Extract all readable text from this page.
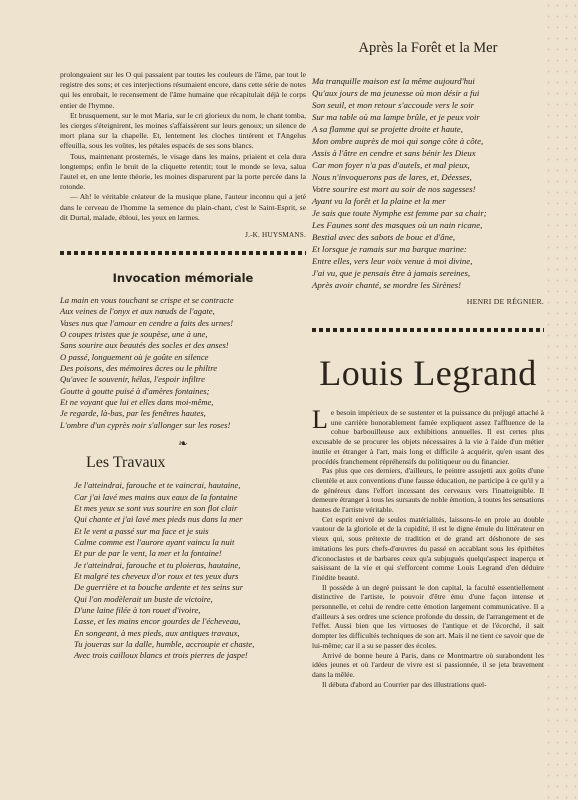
prolongeaient sur les O qui passaient par toutes les couleurs de l'âme, par tout le registre des sons; et ces interjections résumaient encore, dans cette série de notes qui les enrobait, le recensement de l'âme humaine que récapitulait déjà le corps entier de l'hymne.

Et brusquement, sur le mot Maria, sur le cri glorieux du nom, le chant tomba, les cierges s'éteignirent, les moines s'affaissèrent sur leurs genoux; un silence de mort plana sur la chapelle. Et, lentement les cloches tintèrent et l'Angelus effeuilla, sous les voûtes, les pétales espacés de ses sons blancs.

Tous, maintenant prosternés, le visage dans les mains, priaient et cela dura longtemps; enfin le bruit de la cliquette retentit; tout le monde se leva, salua l'autel et, en une lente théorie, les moines disparurent par la porte percée dans la rotonde.

— Ah! le véritable créateur de la musique plane, l'auteur inconnu qui a jeté dans le cerveau de l'homme la semence du plain-chant, c'est le Saint-Esprit, se dit Durtal, malade, ébloui, les yeux en larmes.

J.-K. HUYSMANS.
Invocation mémoriale
La main en vous touchant se crispe et se contracte
Aux veines de l'onyx et aux nœuds de l'agate,
Vases nus que l'amour en cendre a faits des urnes!
O coupes tristes que je soupèse, une à une,
Sans sourire aux beautés des socles et des anses!
O passé, longuement où je goûte en silence
Des poisons, des mémoires âcres ou le philtre
Qu'avec le souvenir, hélas, l'espoir infiltre
Goutte à goutte puisé à d'amères fontaines;
Et ne voyant que lui et elles dans moi-même,
Je regarde, là-bas, par les fenêtres hautes,
L'ombre d'un cyprès noir s'allonger sur les roses!
❧
Les Travaux
Je l'atteindrai, farouche et te vaincrai, hautaine,
Car j'ai lavé mes mains aux eaux de la fontaine
Et mes yeux se sont vus sourire en son flot clair
Qui chante et j'ai lavé mes pieds nus dans la mer
Et le vent a passé sur ma face et je suis
Calme comme est l'aurore ayant vaincu la nuit
Et pur de par le vent, la mer et la fontaine!
Je t'atteindrai, farouche et tu ploieras, hautaine,
Et malgré tes cheveux d'or roux et tes yeux durs
De guerrière et ta bouche ardente et tes seins sur
Qui l'on modèlerait un buste de victoire,
D'une laine filée à ton rouet d'ivoire,
Lasse, et les mains encor gourdes de l'écheveau,
En songeant, à mes pieds, aux antiques travaux,
Tu joueras sur la dalle, humble, accroupie et chaste,
Avec trois cailloux blancs et trois pierres de jaspe!
Après la Forêt et la Mer
Ma tranquille maison est la même aujourd'hui
Qu'aux jours de ma jeunesse où mon désir a fui
Son seuil, et mon retour s'accoude vers le soir
Sur ma table où ma lampe brûle, et je peux voir
A sa flamme qui se projette droite et haute,
Mon ombre auprès de moi qui songe côte à côte,
Assis à l'âtre en cendre et sans bénir les Dieux
Car mon foyer n'a pas d'autels, et mal pieux,
Nous n'invoquerons pas de lares, et, Déesses,
Votre sourire est mort au soir de nos sagesses!
Ayant vu la forêt et la plaine et la mer
Je sais que toute Nymphe est femme par sa chair;
Les Faunes sont des masques où un nain ricane,
Bestial avec des sabots de bouc et d'âne,
Et lorsque je ramais sur ma barque marine:
Entre elles, vers leur voix venue à moi divine,
J'ai vu, que je pensais être à jamais sereines,
Après avoir chanté, se mordre les Sirènes!
HENRI DE RÉGNIER.
Louis Legrand

Le besoin impérieux de se sustenter et la puissance du préjugé attaché à une carrière honorablement famée expliquent assez l'affluence de la cohue barbouilleuse aux exhibitions annuelles. Il est certes plus excusable de se procurer les objets nécessaires à la vie à l'aide d'un métier inutile et étranger à l'art, mais long et difficile à acquérir, qu'en usant des procédés franchement répréhensifs du politiqueur ou du financier.

Pas plus que ces derniers, d'ailleurs, le peintre assujetti aux goûts d'une clientèle et aux conventions d'une fausse éducation, ne participe à ce qu'il y a de généreux dans l'effort incessant des cerveaux vers l'inatteignible. Il demeure étranger à tous les sursauts de noble émotion, à toutes les sensations hautes de l'artiste véritable.

Cet esprit enivré de seules matérialités, laissons-le en proie au double vautour de la gloriole et de la cupidité, il est le digne émule du littérateur en vieux qui, sous prétexte de tradition et de grand art déshonore de ses imitations les purs chefs-d'œuvres du passé en accablant sous les épithètes d'iconoclastes et de barbares ceux qu'a subjugués quelqu'aspect inaperçu et saisissant de la vie et qui s'efforcent comme Louis Legrand d'en déduire l'inédite beauté.

Il possède à un degré puissant le don capital, la faculté essentiellement distinctive de l'artiste, le pouvoir d'être ému d'une façon intense et personnelle, et celui de rendre cette émotion largement communicative. Il a d'ailleurs à ses ordres une science profonde du dessin, de l'arrangement et de l'effet. Aussi bien que les virtuoses de l'antique et de l'écorché, il sait dompter les difficultés techniques de son art. Mais il ne tient ce savoir que de lui-même; car il a su se passer des écoles.

Arrivé de bonne heure à Paris, dans ce Montmartre où surabondent les idées jeunes et où l'ardeur de vivre est si passionnée, il se jeta bravement dans la mêlée.

Il débuta d'abord au Courrier par des illustrations quel-
